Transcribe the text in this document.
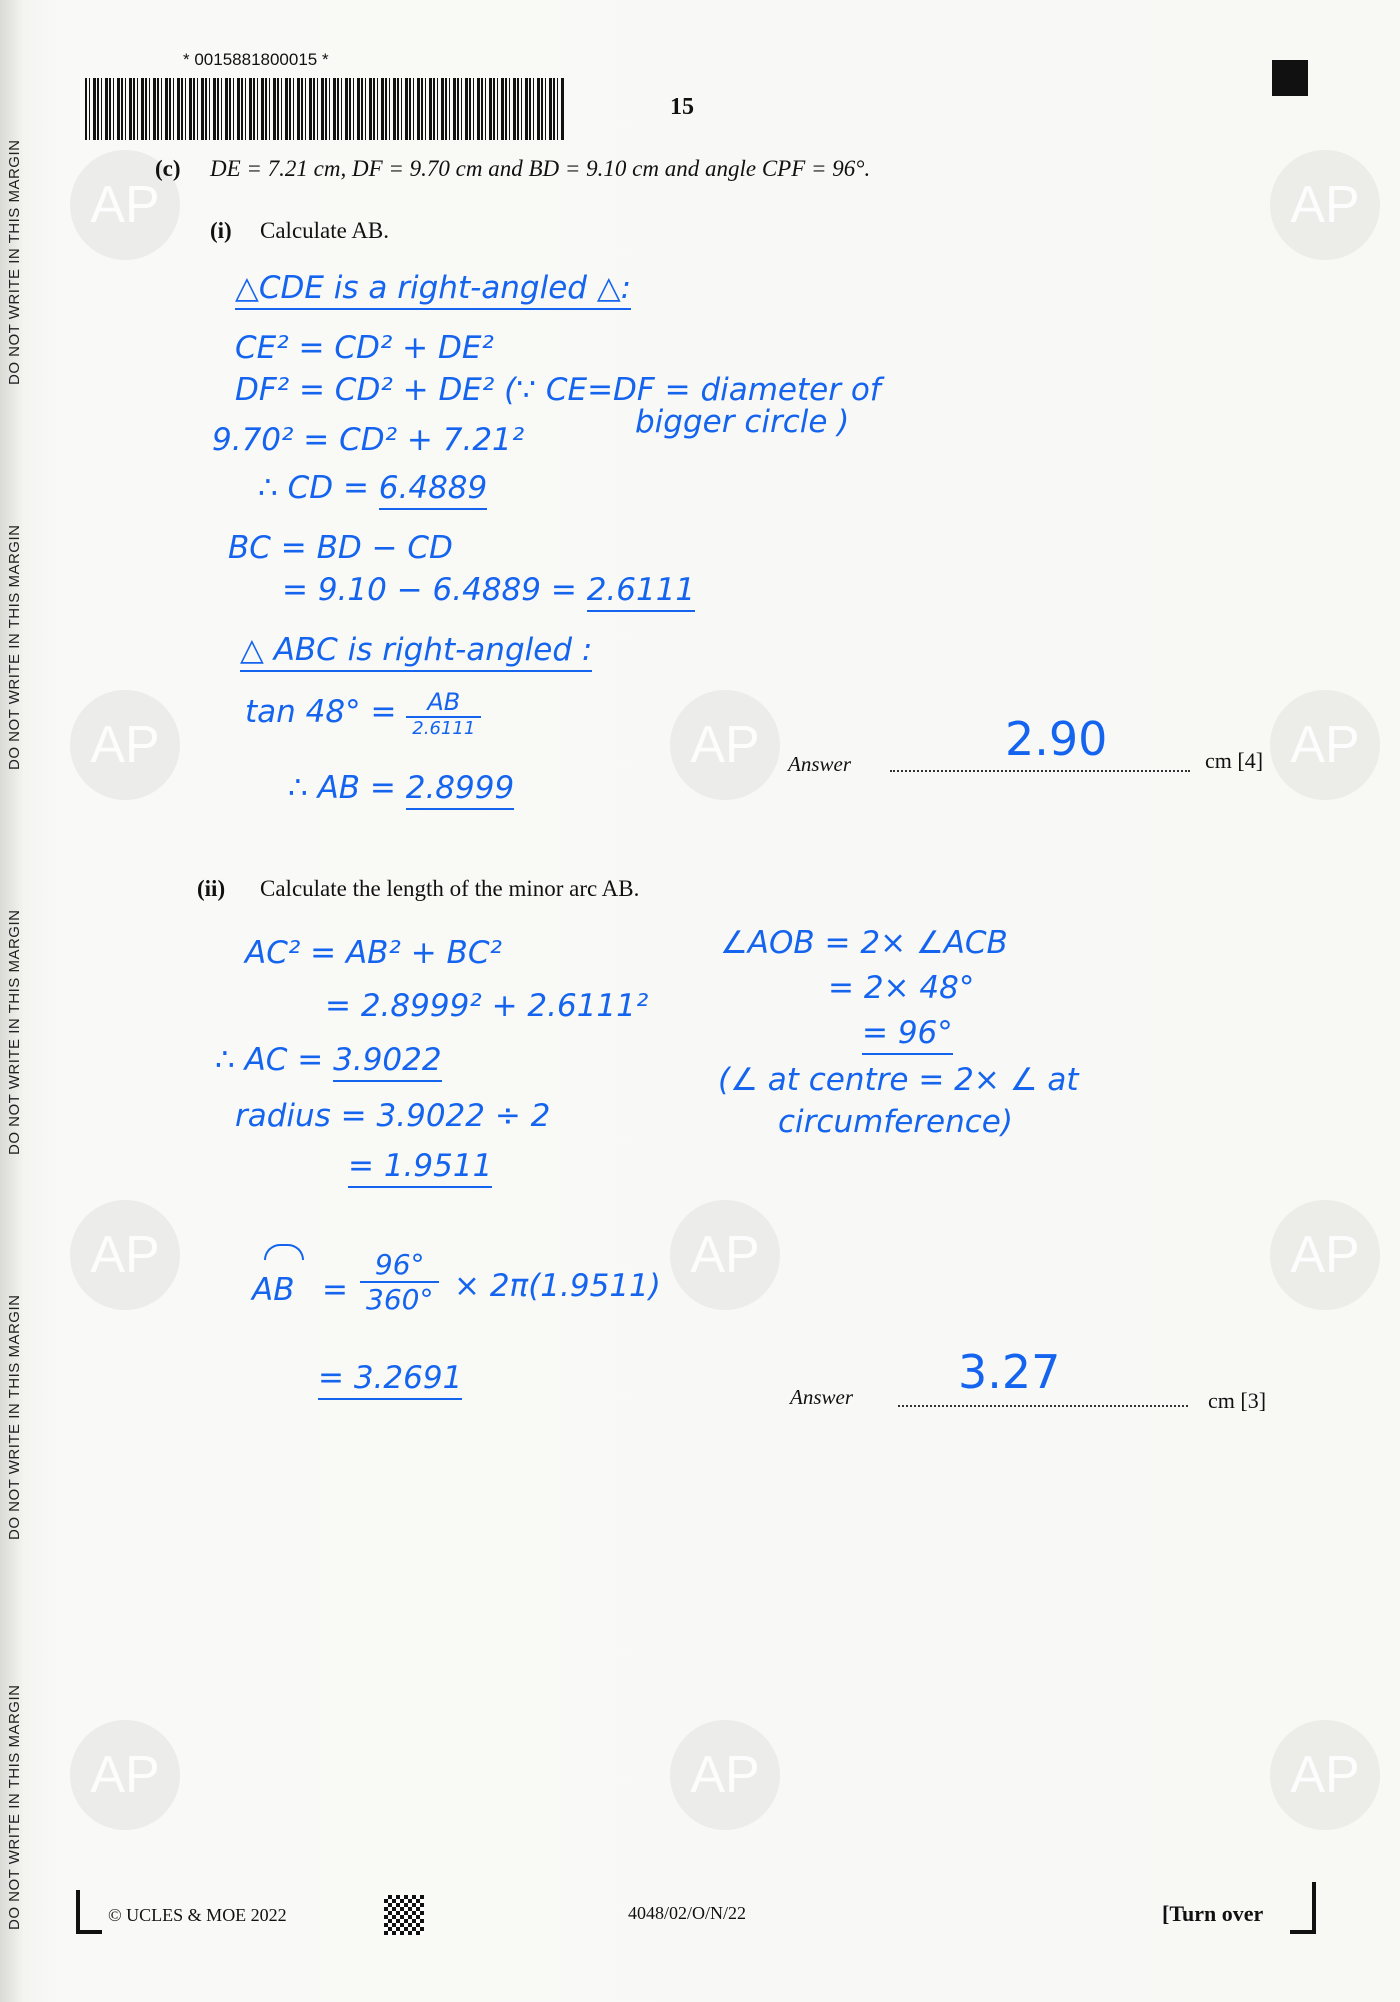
DO NOT WRITE IN THIS MARGIN
DO NOT WRITE IN THIS MARGIN
DO NOT WRITE IN THIS MARGIN
DO NOT WRITE IN THIS MARGIN
DO NOT WRITE IN THIS MARGIN
AP	AP
AP	AP	AP
AP	AP	AP
AP	AP	AP
* 0015881800015 *
15
(c) DE = 7.21 cm, DF = 9.70 cm and BD = 9.10 cm and angle CPF = 96°.
(i) Calculate AB.
△CDE is a right-angled △:
CE² = CD² + DE²
DF² = CD² + DE² (∵ CE=DF = diameter of
bigger circle )
9.70² = CD² + 7.21²
∴ CD = 6.4889
BC = BD − CD
= 9.10 − 6.4889 = 2.6111
△ ABC is right-angled :
$\tan 48^\circ = \frac{AB}{2.6111}$
∴ AB = 2.8999
Answer	2.90	cm [4]
(ii) Calculate the length of the minor arc AB.
AC² = AB² + BC²
= 2.8999² + 2.6111²
∴ AC = 3.9022
radius = 3.9022 ÷ 2
= 1.9511
∠AOB = 2× ∠ACB
= 2× 48°
= 96°
(∠ at centre = 2× ∠ at
circumference)
AB = $\frac{96^\circ}{360^\circ} \times 2\pi(1.9511)$
= 3.2691
Answer 3.27
cm [3]
© UCLES & MOE 2022	4048/02/O/N/22	[Turn over
